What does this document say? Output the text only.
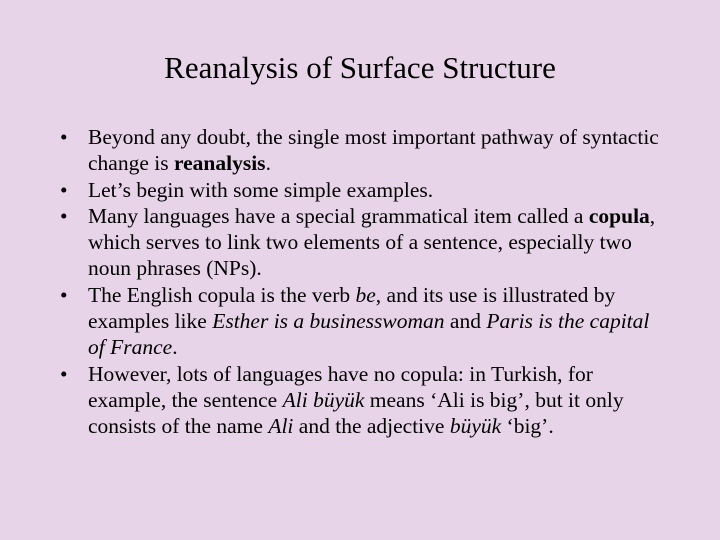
Reanalysis of Surface Structure
• Beyond any doubt, the single most important pathway of syntactic change is reanalysis.
• Let’s begin with some simple examples.
• Many languages have a special grammatical item called a copula, which serves to link two elements of a sentence, especially two noun phrases (NPs).
• The English copula is the verb be, and its use is illustrated by examples like Esther is a businesswoman and Paris is the capital of France.
• However, lots of languages have no copula: in Turkish, for example, the sentence Ali büyük means ‘Ali is big’, but it only consists of the name Ali and the adjective büyük ‘big’.
